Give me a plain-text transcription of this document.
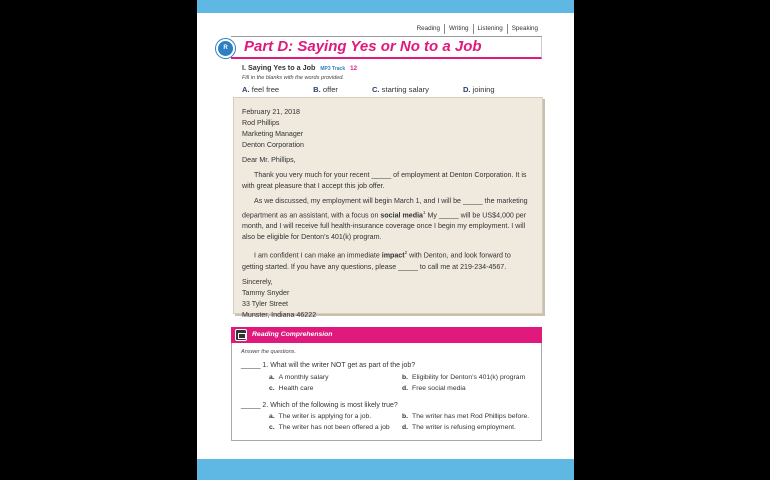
Reading	Writing	Listening	Speaking
R	Part D: Saying Yes or No to a Job
I. Saying Yes to a Job MP3 Track 12
Fill in the blanks with the words provided.
A. feel free	B. offer	C. starting salary	D. joining

February 21, 2018

Rod Phillips

Marketing Manager

Denton Corporation

Dear Mr. Phillips,

Thank you very much for your recent _____ of employment at Denton Corporation. It is with great pleasure that I accept this job offer.

As we discussed, my employment will begin March 1, and I will be _____ the marketing department as an assistant, with a focus on social media$^1$ My _____ will be US$4,000 per month, and I will receive full health-insurance coverage once I begin my employment. I will also be eligible for Denton’s 401(k) program.

I am confident I can make an immediate impact$^2$ with Denton, and look forward to getting started. If you have any questions, please _____ to call me at 219-234-4567.

Sincerely,

Tammy Snyder

33 Tyler Street

Munster, Indiana 46222

Reading Comprehension
Answer the questions.
_____ 1. What will the writer NOT get as part of the job?
a. A monthly salary	b. Eligibility for Denton’s 401(k) program
c. Health care	d. Free social media
_____ 2. Which of the following is most likely true?
a. The writer is applying for a job.	b. The writer has met Rod Phillips before.
c. The writer has not been offered a job d. The writer is refusing employment.
